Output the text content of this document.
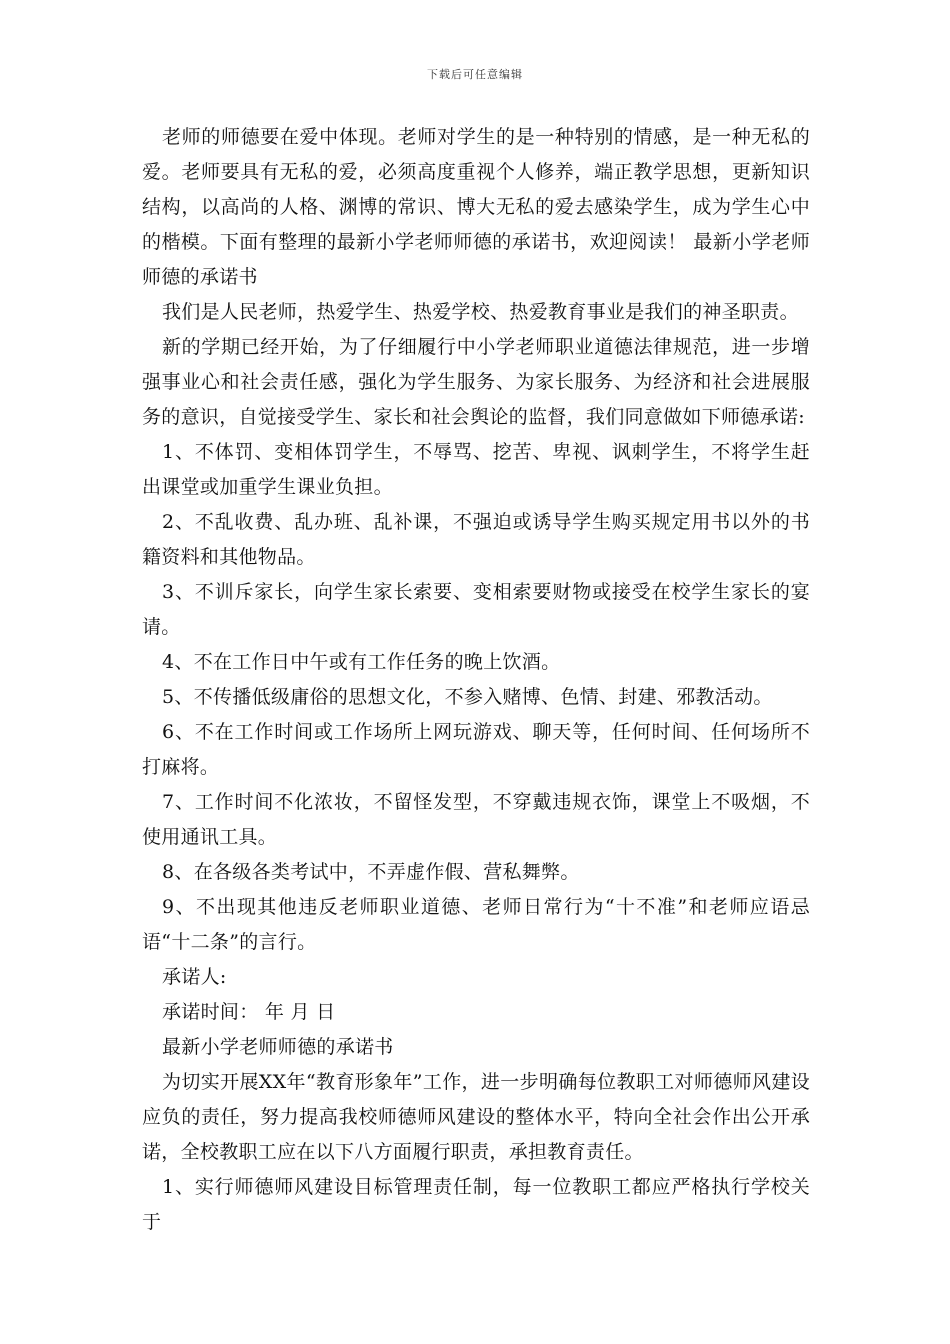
下载后可任意编辑

老师的师德要在爱中体现。老师对学生的是一种特别的情感，是一种无私的爱。老师要具有无私的爱，必须高度重视个人修养，端正教学思想，更新知识结构，以高尚的人格、渊博的常识、博大无私的爱去感染学生，成为学生心中的楷模。下面有整理的最新小学老师师德的承诺书，欢迎阅读！ 最新小学老师师德的承诺书

我们是人民老师，热爱学生、热爱学校、热爱教育事业是我们的神圣职责。

新的学期已经开始，为了仔细履行中小学老师职业道德法律规范，进一步增强事业心和社会责任感，强化为学生服务、为家长服务、为经济和社会进展服务的意识，自觉接受学生、家长和社会舆论的监督，我们同意做如下师德承诺:

1、不体罚、变相体罚学生，不辱骂、挖苦、卑视、讽刺学生，不将学生赶出课堂或加重学生课业负担。

2、不乱收费、乱办班、乱补课，不强迫或诱导学生购买规定用书以外的书籍资料和其他物品。

3、不训斥家长，向学生家长索要、变相索要财物或接受在校学生家长的宴请。

4、不在工作日中午或有工作任务的晚上饮酒。

5、不传播低级庸俗的思想文化，不参入赌博、色情、封建、邪教活动。

6、不在工作时间或工作场所上网玩游戏、聊天等，任何时间、任何场所不打麻将。

7、工作时间不化浓妆，不留怪发型，不穿戴违规衣饰，课堂上不吸烟，不使用通讯工具。

8、在各级各类考试中，不弄虚作假、营私舞弊。

9、不出现其他违反老师职业道德、老师日常行为“十不准”和老师应语忌语“十二条”的言行。

承诺人:

承诺时间： 年 月 日

最新小学老师师德的承诺书

为切实开展XX年“教育形象年”工作，进一步明确每位教职工对师德师风建设应负的责任，努力提高我校师德师风建设的整体水平，特向全社会作出公开承诺，全校教职工应在以下八方面履行职责，承担教育责任。

1、实行师德师风建设目标管理责任制，每一位教职工都应严格执行学校关于
